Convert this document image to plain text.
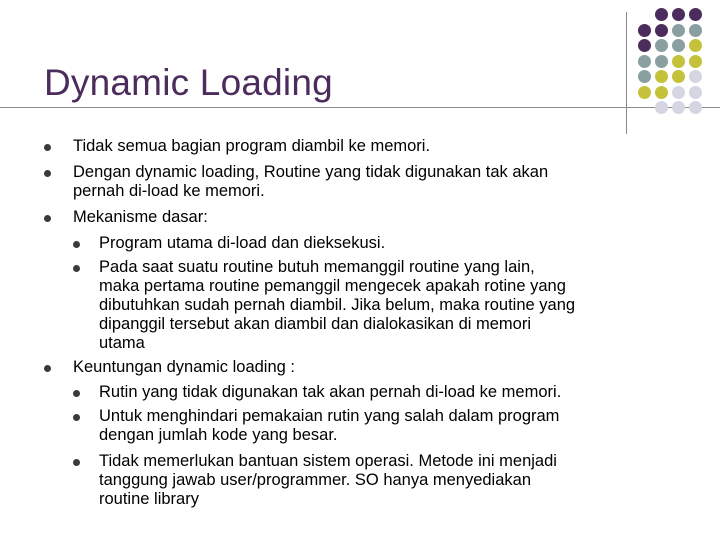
Dynamic Loading
Tidak semua bagian program diambil ke memori.
Dengan dynamic loading, Routine yang tidak digunakan tak akan
pernah di-load ke memori.
Mekanisme dasar:
Program utama di-load dan dieksekusi.
Pada saat suatu routine butuh memanggil routine yang lain,
maka pertama routine pemanggil mengecek apakah rotine yang
dibutuhkan sudah pernah diambil. Jika belum, maka routine yang
dipanggil tersebut akan diambil dan dialokasikan di memori
utama
Keuntungan dynamic loading :
Rutin yang tidak digunakan tak akan pernah di-load ke memori.
Untuk menghindari pemakaian rutin yang salah dalam program
dengan jumlah kode yang besar.
Tidak memerlukan bantuan sistem operasi. Metode ini menjadi
tanggung jawab user/programmer. SO hanya menyediakan
routine library
